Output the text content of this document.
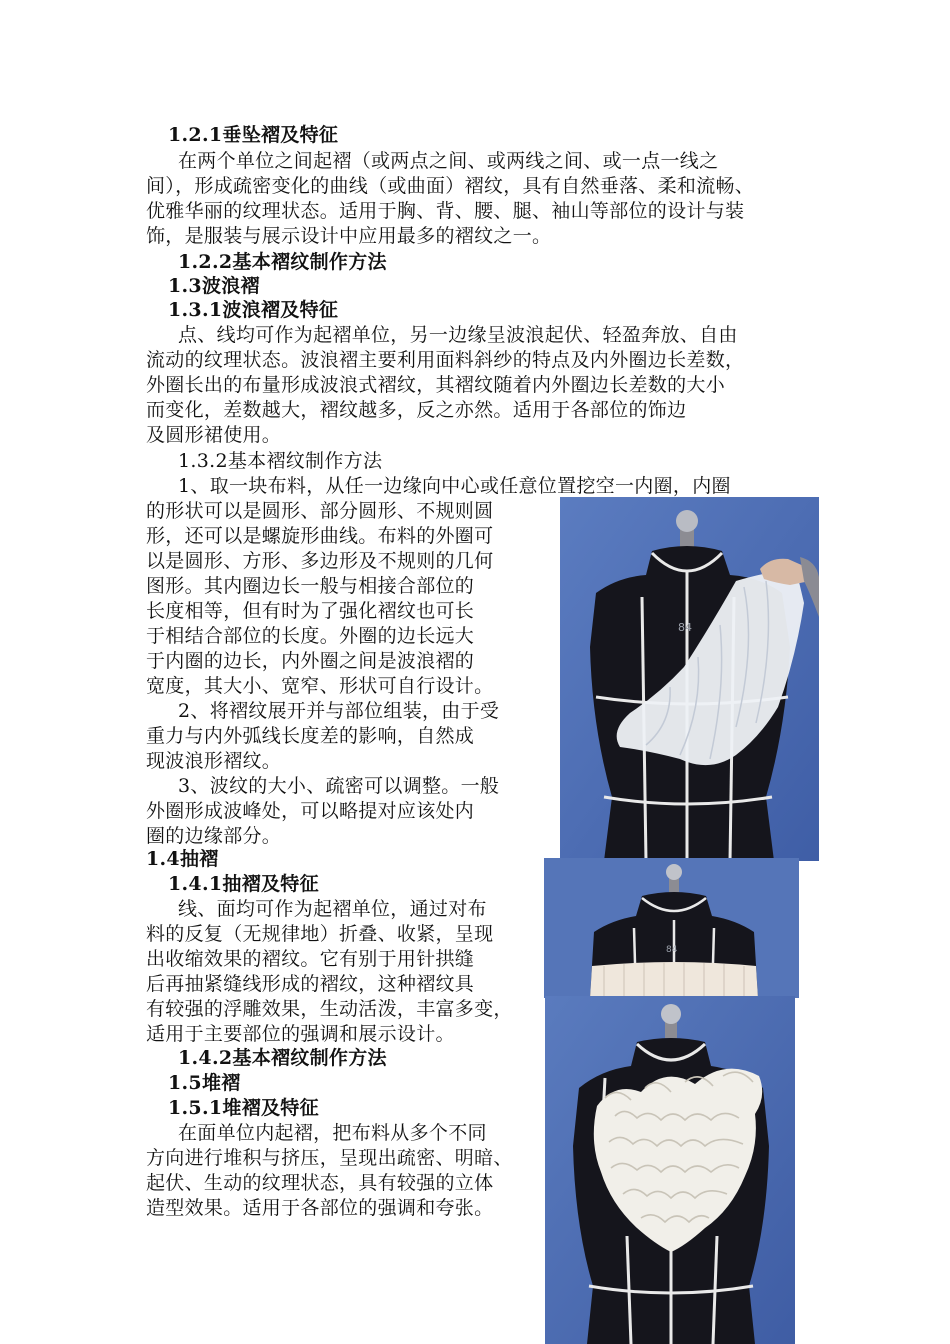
1.2.1垂坠褶及特征
在两个单位之间起褶（或两点之间、或两线之间、或一点一线之
间），形成疏密变化的曲线（或曲面）褶纹，具有自然垂落、柔和流畅、
优雅华丽的纹理状态。适用于胸、背、腰、腿、袖山等部位的设计与装
饰，是服装与展示设计中应用最多的褶纹之一。
1.2.2基本褶纹制作方法
1.3波浪褶
1.3.1波浪褶及特征
点、线均可作为起褶单位，另一边缘呈波浪起伏、轻盈奔放、自由
流动的纹理状态。波浪褶主要利用面料斜纱的特点及内外圈边长差数，
外圈长出的布量形成波浪式褶纹，其褶纹随着内外圈边长差数的大小
而变化，差数越大，褶纹越多，反之亦然。适用于各部位的饰边
及圆形裙使用。
1.3.2基本褶纹制作方法
1、取一块布料，从任一边缘向中心或任意位置挖空一内圈，内圈
的形状可以是圆形、部分圆形、不规则圆
形，还可以是螺旋形曲线。布料的外圈可
以是圆形、方形、多边形及不规则的几何
图形。其内圈边长一般与相接合部位的
长度相等，但有时为了强化褶纹也可长
于相结合部位的长度。外圈的边长远大
于内圈的边长，内外圈之间是波浪褶的
宽度，其大小、宽窄、形状可自行设计。
2、将褶纹展开并与部位组装，由于受
重力与内外弧线长度差的影响，自然成
现波浪形褶纹。
3、波纹的大小、疏密可以调整。一般
外圈形成波峰处，可以略提对应该处内
圈的边缘部分。
1.4抽褶
1.4.1抽褶及特征
线、面均可作为起褶单位，通过对布
料的反复（无规律地）折叠、收紧，呈现
出收缩效果的褶纹。它有别于用针拱缝
后再抽紧缝线形成的褶纹，这种褶纹具
有较强的浮雕效果，生动活泼，丰富多变，
适用于主要部位的强调和展示设计。
1.4.2基本褶纹制作方法
1.5堆褶
1.5.1堆褶及特征
在面单位内起褶，把布料从多个不同
方向进行堆积与挤压，呈现出疏密、明暗、
起伏、生动的纹理状态，具有较强的立体
造型效果。适用于各部位的强调和夸张。
84
84
